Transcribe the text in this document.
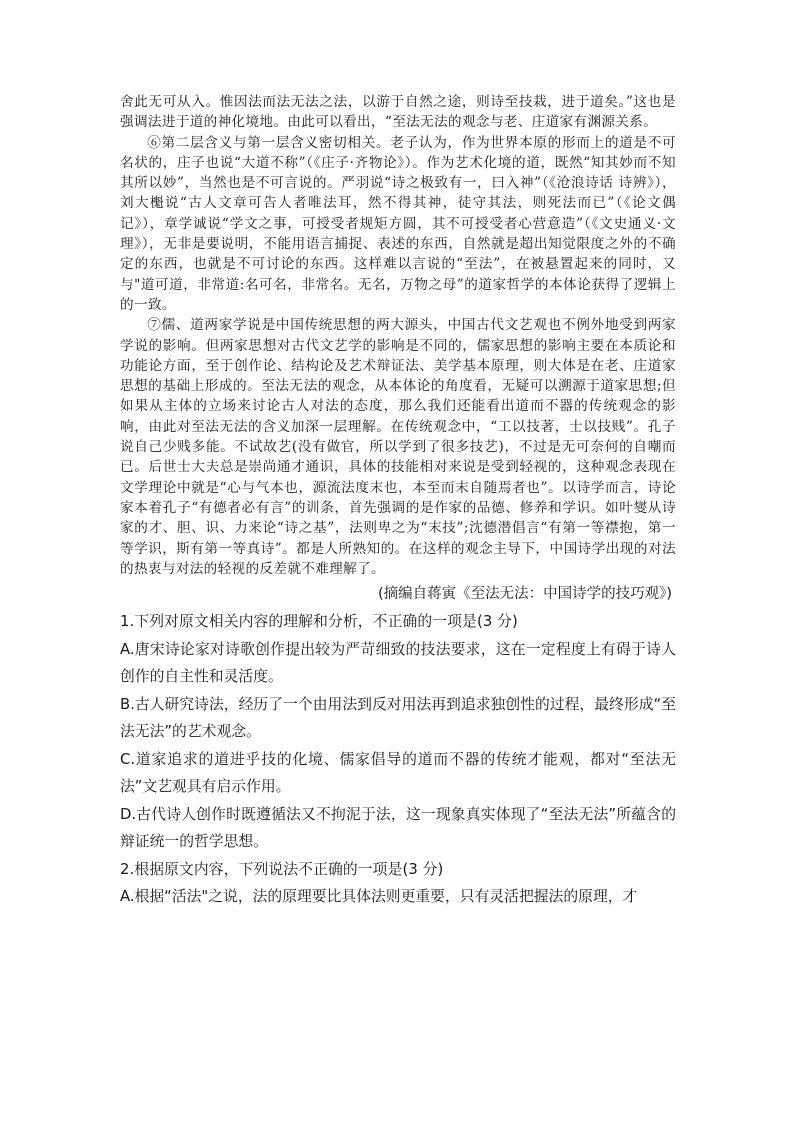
舍此无可从入。惟因法而法无法之法，以游于自然之途，则诗至技栽，进于道矣。”这也是强调法进于道的神化境地。由此可以看出，“至法无法的观念与老、庄道家有渊源关系。

⑥第二层含义与第一层含义密切相关。老子认为，作为世界本原的形而上的道是不可名状的，庄子也说“大道不称”（《庄子·齐物论》）。作为艺术化境的道，既然“知其妙而不知其所以妙”，当然也是不可言说的。严羽说“诗之极致有一，曰入神”（《沧浪诗话 诗辨》），刘大櫆说“古人文章可告人者唯法耳，然不得其神，徒守其法，则死法而已”（《论文偶记》），章学诚说“学文之事，可授受者规矩方圆，其不可授受者心营意造”（《文史通义·文理》），无非是要说明，不能用语言捕捉、表述的东西，自然就是超出知觉限度之外的不确定的东西，也就是不可讨论的东西。这样难以言说的“至法”，在被悬置起来的同时，又与"道可道，非常道:名可名，非常名。无名，万物之母”的道家哲学的本体论获得了逻辑上的一致。

⑦儒、道两家学说是中国传统思想的两大源头，中国古代文艺观也不例外地受到两家学说的影响。但两家思想对古代文艺学的影响是不同的，儒家思想的影响主要在本质论和功能论方面，至于创作论、结构论及艺术辩证法、美学基本原理，则大体是在老、庄道家思想的基础上形成的。至法无法的观念，从本体论的角度看，无疑可以溯源于道家思想;但如果从主体的立场来讨论古人对法的态度，那么我们还能看出道而不器的传统观念的影响，由此对至法无法的含义加深一层理解。在传统观念中，“工以技著，士以技贱”。孔子说自己少贱多能。不试故艺(没有做官，所以学到了很多技艺)，不过是无可奈何的自嘲而已。后世士大夫总是崇尚通才通识，具体的技能相对来说是受到轻视的，这种观念表现在文学理论中就是“心与气本也，源流法度末也，本至而末自随焉者也”。以诗学而言，诗论家本着孔子“有德者必有言”的训条，首先强调的是作家的品德、修养和学识。如叶燮从诗家的才、胆、识、力来论“诗之基”，法则卑之为“末技”;沈德潜倡言“有第一等襟抱，第一等学识，斯有第一等真诗”。都是人所熟知的。在这样的观念主导下，中国诗学出现的对法的热衷与对法的轻视的反差就不难理解了。

(摘编自蒋寅《至法无法：中国诗学的技巧观》)

1.下列对原文相关内容的理解和分析，不正确的一项是(3 分)

A.唐宋诗论家对诗歌创作提出较为严苛细致的技法要求，这在一定程度上有碍于诗人创作的自主性和灵活度。

B.古人研究诗法，经历了一个由用法到反对用法再到追求独创性的过程，最终形成“至法无法”的艺术观念。

C.道家追求的道进乎技的化境、儒家倡导的道而不器的传统才能观，都对“至法无法”文艺观具有启示作用。

D.古代诗人创作时既遵循法又不拘泥于法，这一现象真实体现了“至法无法”所蕴含的辩证统一的哲学思想。

2.根据原文内容，下列说法不正确的一项是(3 分)

A.根据“活法"之说，法的原理要比具体法则更重要，只有灵活把握法的原理，才
